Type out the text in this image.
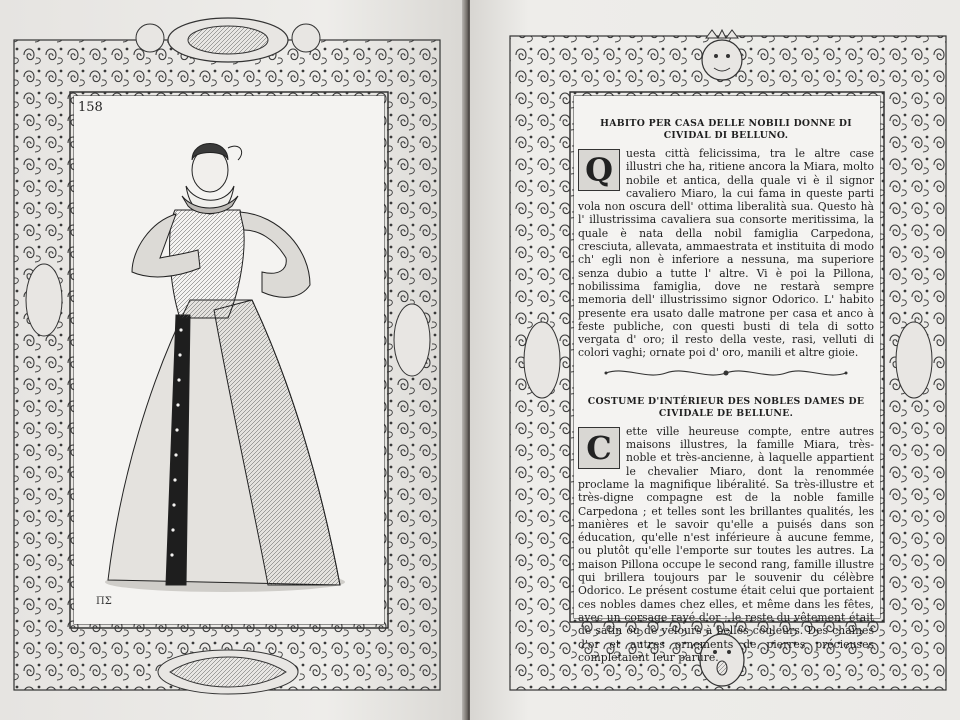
158
ΠΣ
HABITO PER CASA DELLE NOBILI DONNE DI CIVIDAL DI BELLUNO.
Q	uesta città felicissima, tra le altre case illustri che ha, ritiene ancora la Miara, molto nobile et antica, della quale vi è il signor cavaliero Miaro, la cui fama in queste parti vola non oscura dell' ottima liberalità sua. Questo hà l' illustrissima cavaliera sua consorte meritissima, la quale è nata della nobil famiglia Carpedona, cresciuta, allevata, ammaestrata et instituita di modo ch' egli non è inferiore a nessuna, ma superiore senza dubio a tutte l' altre. Vi è poi la Pillona, nobilissima famiglia, dove ne restarà sempre memoria dell' illustrissimo signor Odorico. L' habito presente era usato dalle matrone per casa et anco à feste publiche, con questi busti di tela di sotto vergata d' oro; il resto della veste, rasi, velluti di colori vaghi; ornate poi d' oro, manili et altre gioie.
COSTUME D'INTÉRIEUR DES NOBLES DAMES DE CIVIDALE DE BELLUNE.
C	ette ville heureuse compte, entre autres maisons illustres, la famille Miara, très-noble et très-ancienne, à laquelle appartient le chevalier Miaro, dont la renommée proclame la magnifique libéralité. Sa très-illustre et très-digne compagne est de la noble famille Carpedona ; et telles sont les brillantes qualités, les manières et le savoir qu'elle a puisés dans son éducation, qu'elle n'est inférieure à aucune femme, ou plutôt qu'elle l'emporte sur toutes les autres. La maison Pillona occupe le second rang, famille illustre qui brillera toujours par le souvenir du célèbre Odorico. Le présent costume était celui que portaient ces nobles dames chez elles, et même dans les fêtes, avec un corsage rayé d'or ; le reste du vêtement était de satin ou de velours à belles couleurs. Des chaînes d'or et autres ornements de pierres précieuses complétaient leur parure.
